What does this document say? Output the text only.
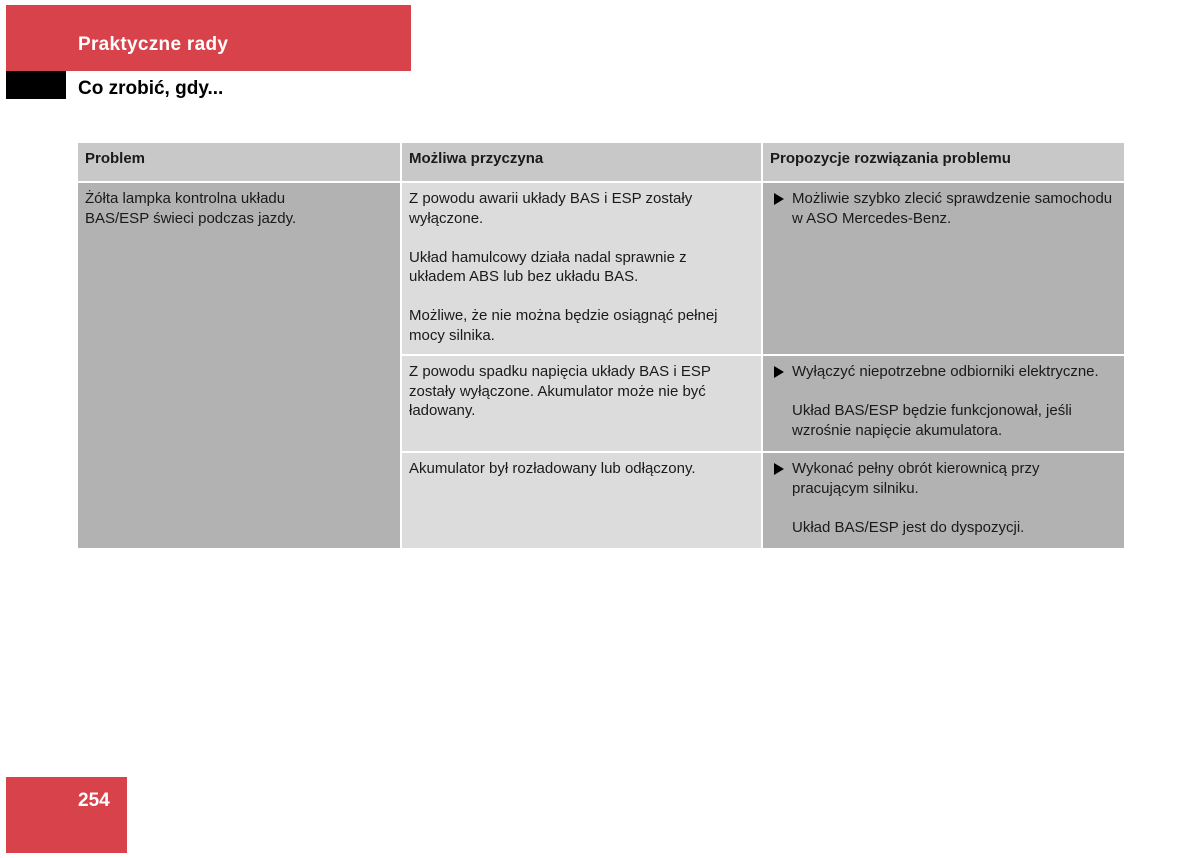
Praktyczne rady
Co zrobić, gdy...
Problem	Możliwa przyczyna	Propozycje rozwiązania problemu

Żółta lampka kontrolna układu BAS/ESP świeci podczas jazdy.	Z powodu awarii układy BAS i ESP zostały wyłączone.

Układ hamulcowy działa nadal sprawnie z układem ABS lub bez układu BAS.

Możliwe, że nie można będzie osiągnąć pełnej mocy silnika.	Możliwie szybko zlecić sprawdzenie samochodu w ASO Mercedes-Benz.

	Z powodu spadku napięcia układy BAS i ESP zostały wyłączone. Akumulator może nie być ładowany.	Wyłączyć niepotrzebne odbiorniki elektryczne.
Układ BAS/ESP będzie funkcjonował, jeśli wzrośnie napięcie akumulatora.

	Akumulator był rozładowany lub odłączony.	Wykonać pełny obrót kierownicą przy pracującym silniku.
Układ BAS/ESP jest do dyspozycji.
254
